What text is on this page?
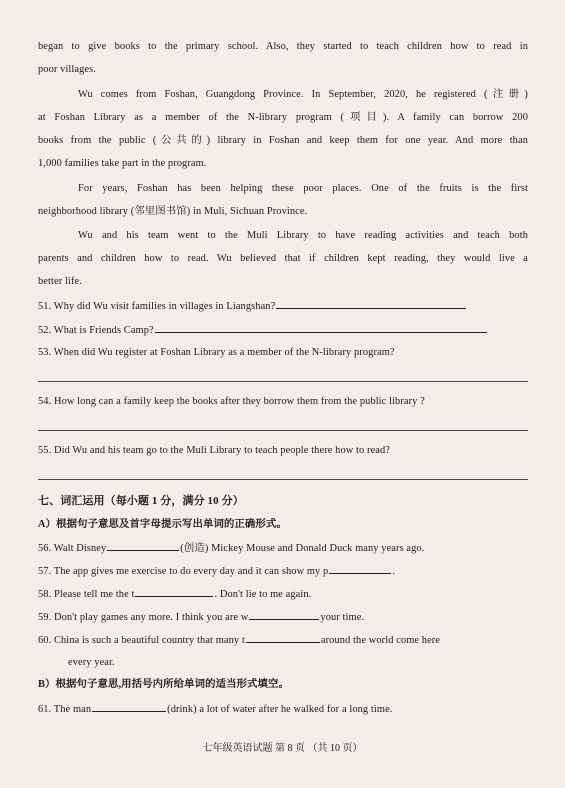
· · · · · · · · · · · · · · · · · ·
· · · · · · · · · · · · · · · · · · · · · · · · · · · · · · · · · · · · · · · ·
· · · · · · · · · · · · · · · · · · · · · · · · · · · · · · · · · · · · · · · ·
began to give books to the primary school. Also, they started to teach children how to read in
poor villages.
Wu comes from Foshan, Guangdong Province. In September, 2020, he registered (注册)
at Foshan Library as a member of the N-library program (项目). A family can borrow 200
books from the public (公共的) library in Foshan and keep them for one year. And more than
1,000 families take part in the program.
For years, Foshan has been helping these poor places. One of the fruits is the first
neighborhood library (邻里图书馆) in Muli, Sichuan Province.
Wu and his team went to the Muli Library to have reading activities and teach both
parents and children how to read. Wu believed that if children kept reading, they would live a
better life.
51. Why did Wu visit families in villages in Liangshan?
52. What is Friends Camp?
53. When did Wu register at Foshan Library as a member of the N-library program?
54. How long can a family keep the books after they borrow them from the public library ?
55. Did Wu and his team go to the Muli Library to teach people there how to read?
七、词汇运用（每小题 1 分，满分 10 分）
A）根据句子意思及首字母提示写出单词的正确形式。
56. Walt Disney	(创造) Mickey Mouse and Donald Duck many years ago.
57. The app gives me exercise to do every day and it can show my p	.
58. Please tell me the t	. Don't lie to me again.
59. Don't play games any more. I think you are w	your time.
60. China is such a beautiful country that many t	around the world come here
every year.
B）根据句子意思,用括号内所给单词的适当形式填空。
61. The man	(drink) a lot of water after he walked for a long time.
七年级英语试题 第 8 页 （共 10 页）
